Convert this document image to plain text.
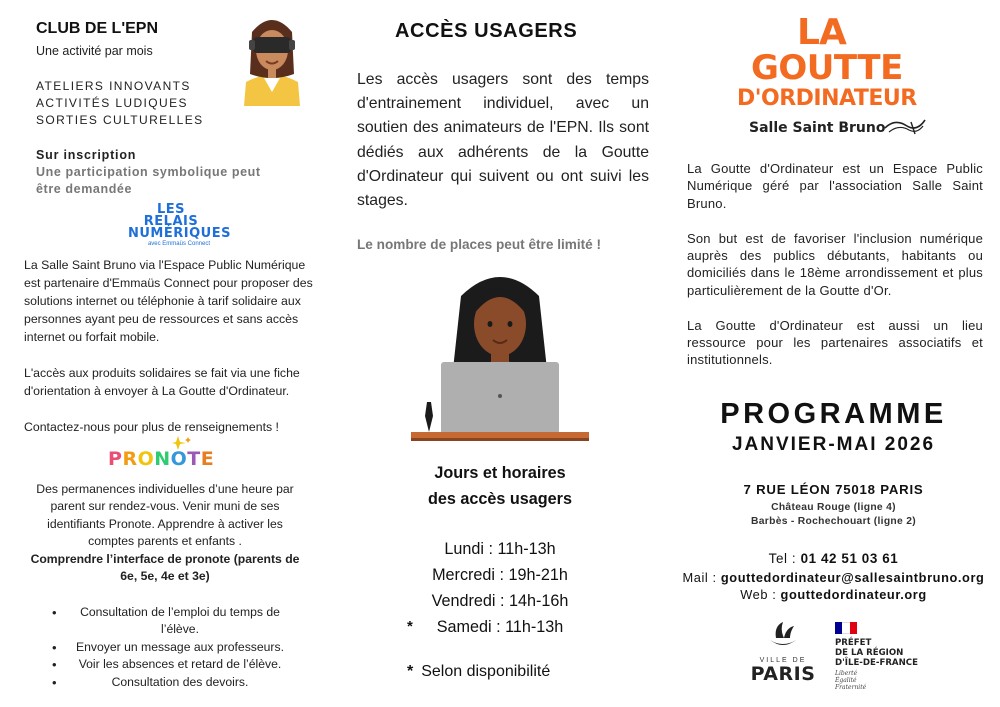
CLUB DE L'EPN
Une activité par mois
ATELIERS INNOVANTS
ACTIVITÉS LUDIQUES
SORTIES CULTURELLES
Sur inscription
Une participation symbolique peut être demandée
LES
RELAIS
NUMÉRIQUES
avec Emmaüs Connect

La Salle Saint Bruno via l'Espace Public Numérique est partenaire d'Emmaüs Connect pour proposer des solutions internet ou téléphonie à tarif solidaire aux personnes ayant peu de ressources et sans accès internet ou forfait mobile.

L'accès aux produits solidaires se fait via une fiche d'orientation à envoyer à La Goutte d'Ordinateur.

Contactez-nous pour plus de renseignements !

PRONOTE
Des permanences individuelles d’une heure par parent sur rendez-vous. Venir muni de ses identifiants Pronote. Apprendre à activer les comptes parents et enfants .
Comprendre l’interface de pronote (parents de 6e, 5e, 4e et 3e)
• Consultation de l’emploi du temps de l’élève.
• Envoyer un message aux professeurs.
• Voir les absences et retard de l’élève.
• Consultation des devoirs.
ACCÈS USAGERS
Les accès usagers sont des temps d'entrainement individuel, avec un soutien des animateurs de l'EPN. Ils sont dédiés aux adhérents de la Goutte d'Ordinateur qui suivent ou ont suivi les stages.
Le nombre de places peut être limité !
Jours et horaires
des accès usagers
Lundi : 11h-13h
Mercredi : 19h-21h
Vendredi : 14h-16h
* Samedi : 11h-13h
* Selon disponibilité
LA
GOUTTE
D'ORDINATEUR
Salle Saint Bruno

La Goutte d'Ordinateur est un Espace Public Numérique géré par l'association Salle Saint Bruno.

Son but est de favoriser l'inclusion numérique auprès des publics débutants, habitants ou domiciliés dans le 18ème arrondissement et plus particulièrement de la Goutte d'Or.

La Goutte d'Ordinateur est aussi un lieu ressource pour les partenaires associatifs et institutionnels.

PROGRAMME
JANVIER-MAI 2026
7 RUE LÉON 75018 PARIS
Château Rouge (ligne 4)
Barbès - Rochechouart (ligne 2)
Tel : 01 42 51 03 61
Mail : gouttedordinateur@sallesaintbruno.org
Web : gouttedordinateur.org
VILLE DE
PARIS
PRÉFET
DE LA RÉGION
D'ÎLE-DE-FRANCE
Liberté
Égalité
Fraternité
